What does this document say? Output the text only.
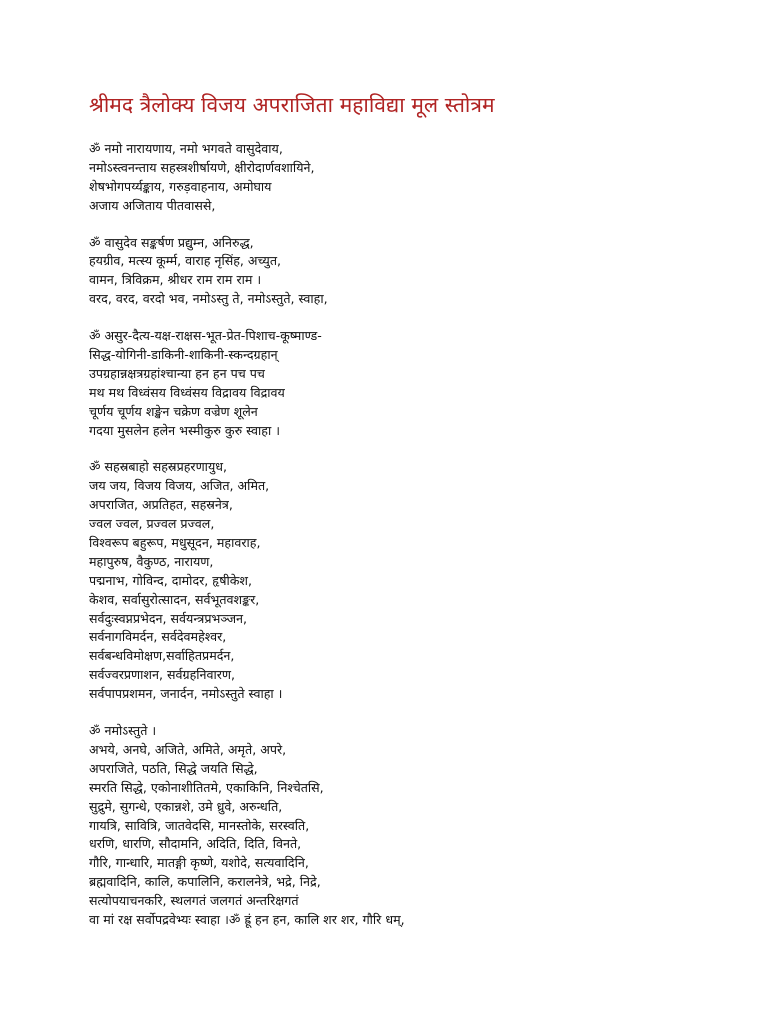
श्रीमद त्रैलोक्य विजय अपराजिता महाविद्या मूल स्तोत्रम
ॐ नमो नारायणाय, नमो भगवते वासुदेवाय,
नमोऽस्त्वनन्ताय सहस्त्रशीर्षायणे, क्षीरोदार्णवशायिने,
शेषभोगपर्य्यङ्काय, गरुड़वाहनाय, अमोघाय
अजाय अजिताय पीतवाससे,
ॐ वासुदेव सङ्कर्षण प्रद्युम्न, अनिरुद्ध,
हयग्रीव, मत्स्य कूर्म्म, वाराह नृसिंह, अच्युत,
वामन, त्रिविक्रम, श्रीधर राम राम राम ।
वरद, वरद, वरदो भव, नमोऽस्तु ते, नमोऽस्तुते, स्वाहा,
ॐ असुर-दैत्य-यक्ष-राक्षस-भूत-प्रेत-पिशाच-कूष्माण्ड-
सिद्ध-योगिनी-डाकिनी-शाकिनी-स्कन्दग्रहान्
उपग्रहान्नक्षत्रग्रहांश्चान्या हन हन पच पच
मथ मथ विध्वंसय विध्वंसय विद्रावय विद्रावय
चूर्णय चूर्णय शङ्खेन चक्रेण वज्रेण शूलेन
गदया मुसलेन हलेन भस्मीकुरु कुरु स्वाहा ।
ॐ सहस्रबाहो सहस्रप्रहरणायुध,
जय जय, विजय विजय, अजित, अमित,
अपराजित, अप्रतिहत, सहस्रनेत्र,
ज्वल ज्वल, प्रज्वल प्रज्वल,
विश्वरूप बहुरूप, मधुसूदन, महावराह,
महापुरुष, वैकुण्ठ, नारायण,
पद्मनाभ, गोविन्द, दामोदर, हृषीकेश,
केशव, सर्वासुरोत्सादन, सर्वभूतवशङ्कर,
सर्वदुःस्वप्नप्रभेदन, सर्वयन्त्रप्रभञ्जन,
सर्वनागविमर्दन, सर्वदेवमहेश्वर,
सर्वबन्धविमोक्षण,सर्वाहितप्रमर्दन,
सर्वज्वरप्रणाशन, सर्वग्रहनिवारण,
सर्वपापप्रशमन, जनार्दन, नमोऽस्तुते स्वाहा ।
ॐ नमोऽस्तुते ।
अभये, अनघे, अजिते, अमिते, अमृते, अपरे,
अपराजिते, पठति, सिद्धे जयति सिद्धे,
स्मरति सिद्धे, एकोनाशीतितमे, एकाकिनि, निश्चेतसि,
सुद्रुमे, सुगन्धे, एकान्नशे, उमे ध्रुवे, अरुन्धति,
गायत्रि, सावित्रि, जातवेदसि, मानस्तोके, सरस्वति,
धरणि, धारणि, सौदामनि, अदिति, दिति, विनते,
गौरि, गान्धारि, मातङ्गी कृष्णे, यशोदे, सत्यवादिनि,
ब्रह्मवादिनि, कालि, कपालिनि, करालनेत्रे, भद्रे, निद्रे,
सत्योपयाचनकरि, स्थलगतं जलगतं अन्तरिक्षगतं
वा मां रक्ष सर्वोपद्रवेभ्यः स्वाहा ।ॐ ह्रूं हन हन, कालि शर शर, गौरि धम्,
